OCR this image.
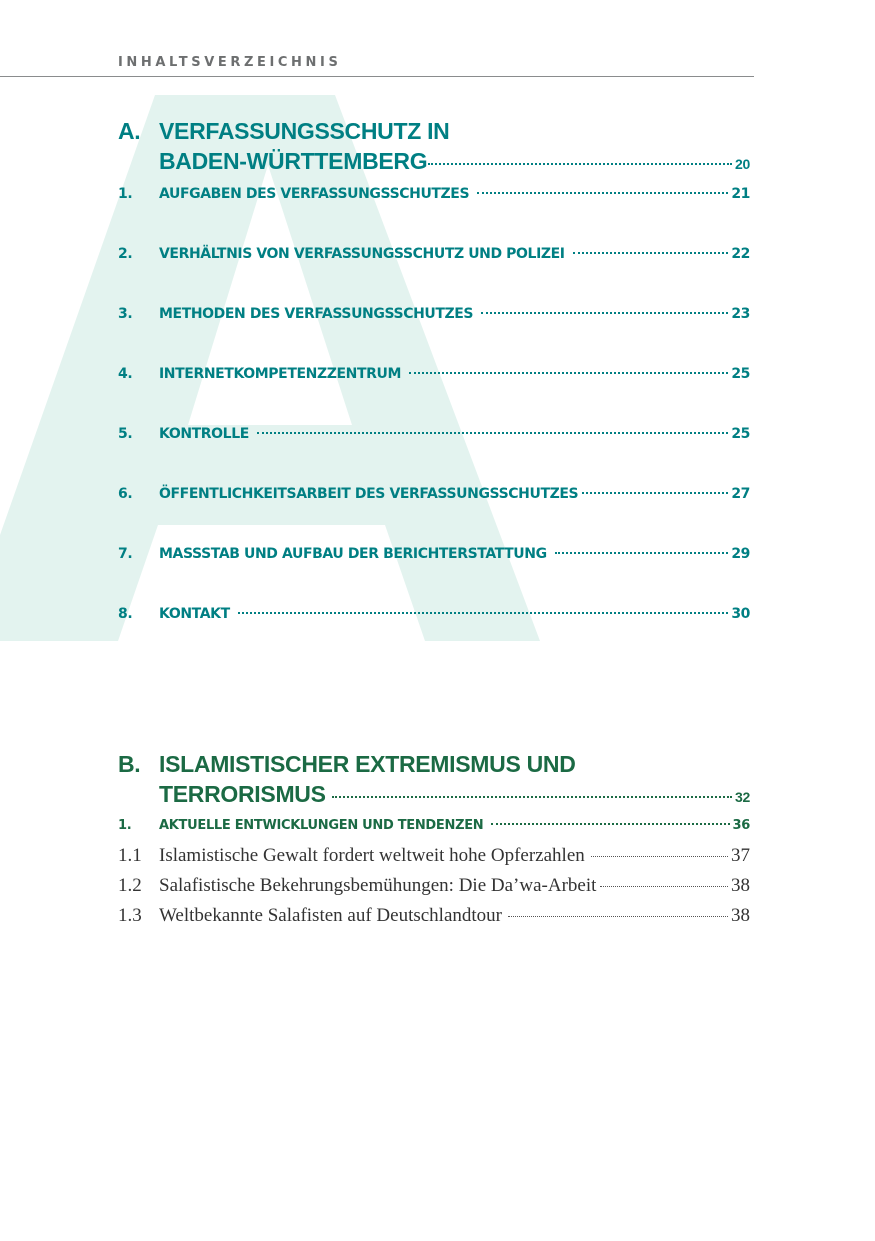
INHALTSVERZEICHNIS
A. VERFASSUNGSSCHUTZ IN
BADEN-WÜRTTEMBERG	20
1.	AUFGABEN DES VERFASSUNGSSCHUTZES	21
2.	VERHÄLTNIS VON VERFASSUNGSSCHUTZ UND POLIZEI	22
3.	METHODEN DES VERFASSUNGSSCHUTZES	23
4.	INTERNETKOMPETENZZENTRUM	25
5.	KONTROLLE	25
6.	ÖFFENTLICHKEITSARBEIT DES VERFASSUNGSSCHUTZES	27
7.	MASSSTAB UND AUFBAU DER BERICHTERSTATTUNG	29
8.	KONTAKT	30
B. ISLAMISTISCHER EXTREMISMUS UND
TERRORISMUS	32
1.	AKTUELLE ENTWICKLUNGEN UND TENDENZEN	36
1.1 Islamistische Gewalt fordert weltweit hohe Opferzahlen	37
1.2 Salafistische Bekehrungsbemühungen: Die Da’wa-Arbeit	38
1.3 Weltbekannte Salafisten auf Deutschlandtour	38
